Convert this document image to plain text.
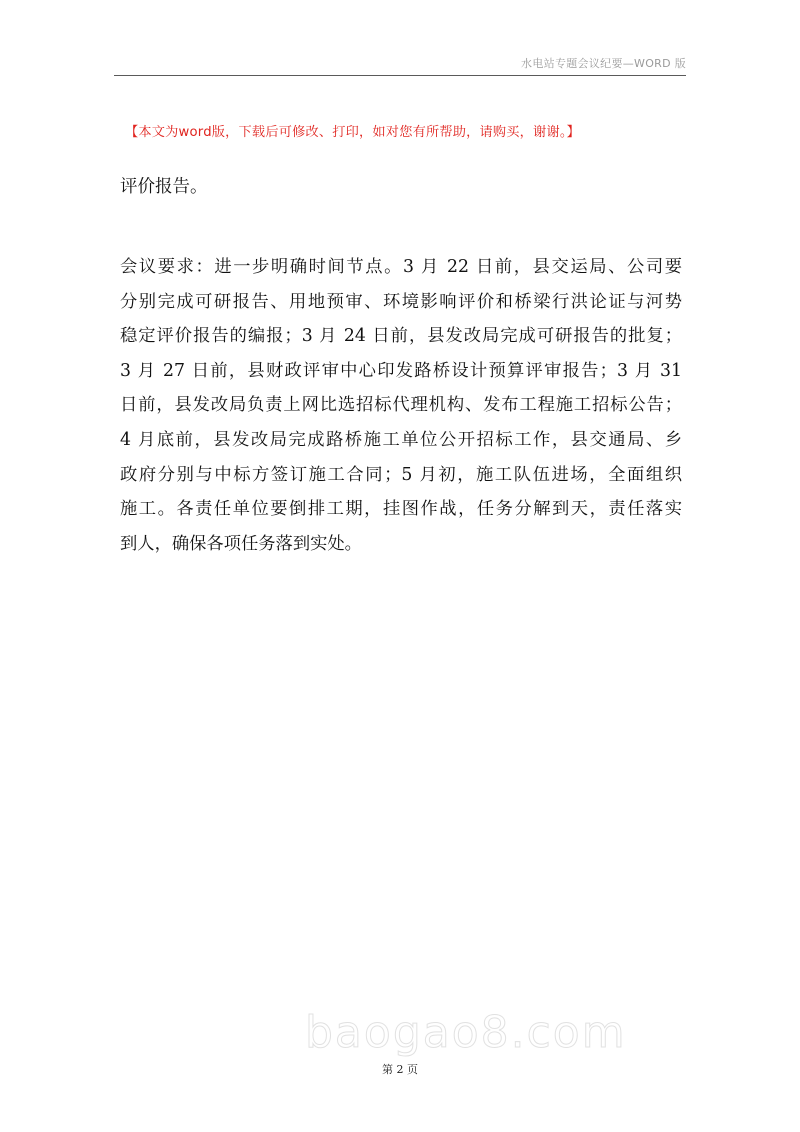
水电站专题会议纪要—WORD 版
【本文为word版，下载后可修改、打印，如对您有所帮助，请购买，谢谢。】
评价报告。
会议要求：进一步明确时间节点。3 月 22 日前，县交运局、公司要
分别完成可研报告、用地预审、环境影响评价和桥梁行洪论证与河势
稳定评价报告的编报；3 月 24 日前，县发改局完成可研报告的批复；
3 月 27 日前，县财政评审中心印发路桥设计预算评审报告；3 月 31
日前，县发改局负责上网比选招标代理机构、发布工程施工招标公告；
4 月底前，县发改局完成路桥施工单位公开招标工作，县交通局、乡
政府分别与中标方签订施工合同；5 月初，施工队伍进场，全面组织
施工。各责任单位要倒排工期，挂图作战，任务分解到天，责任落实
到人，确保各项任务落到实处。
baogao8.com
第 2 页
